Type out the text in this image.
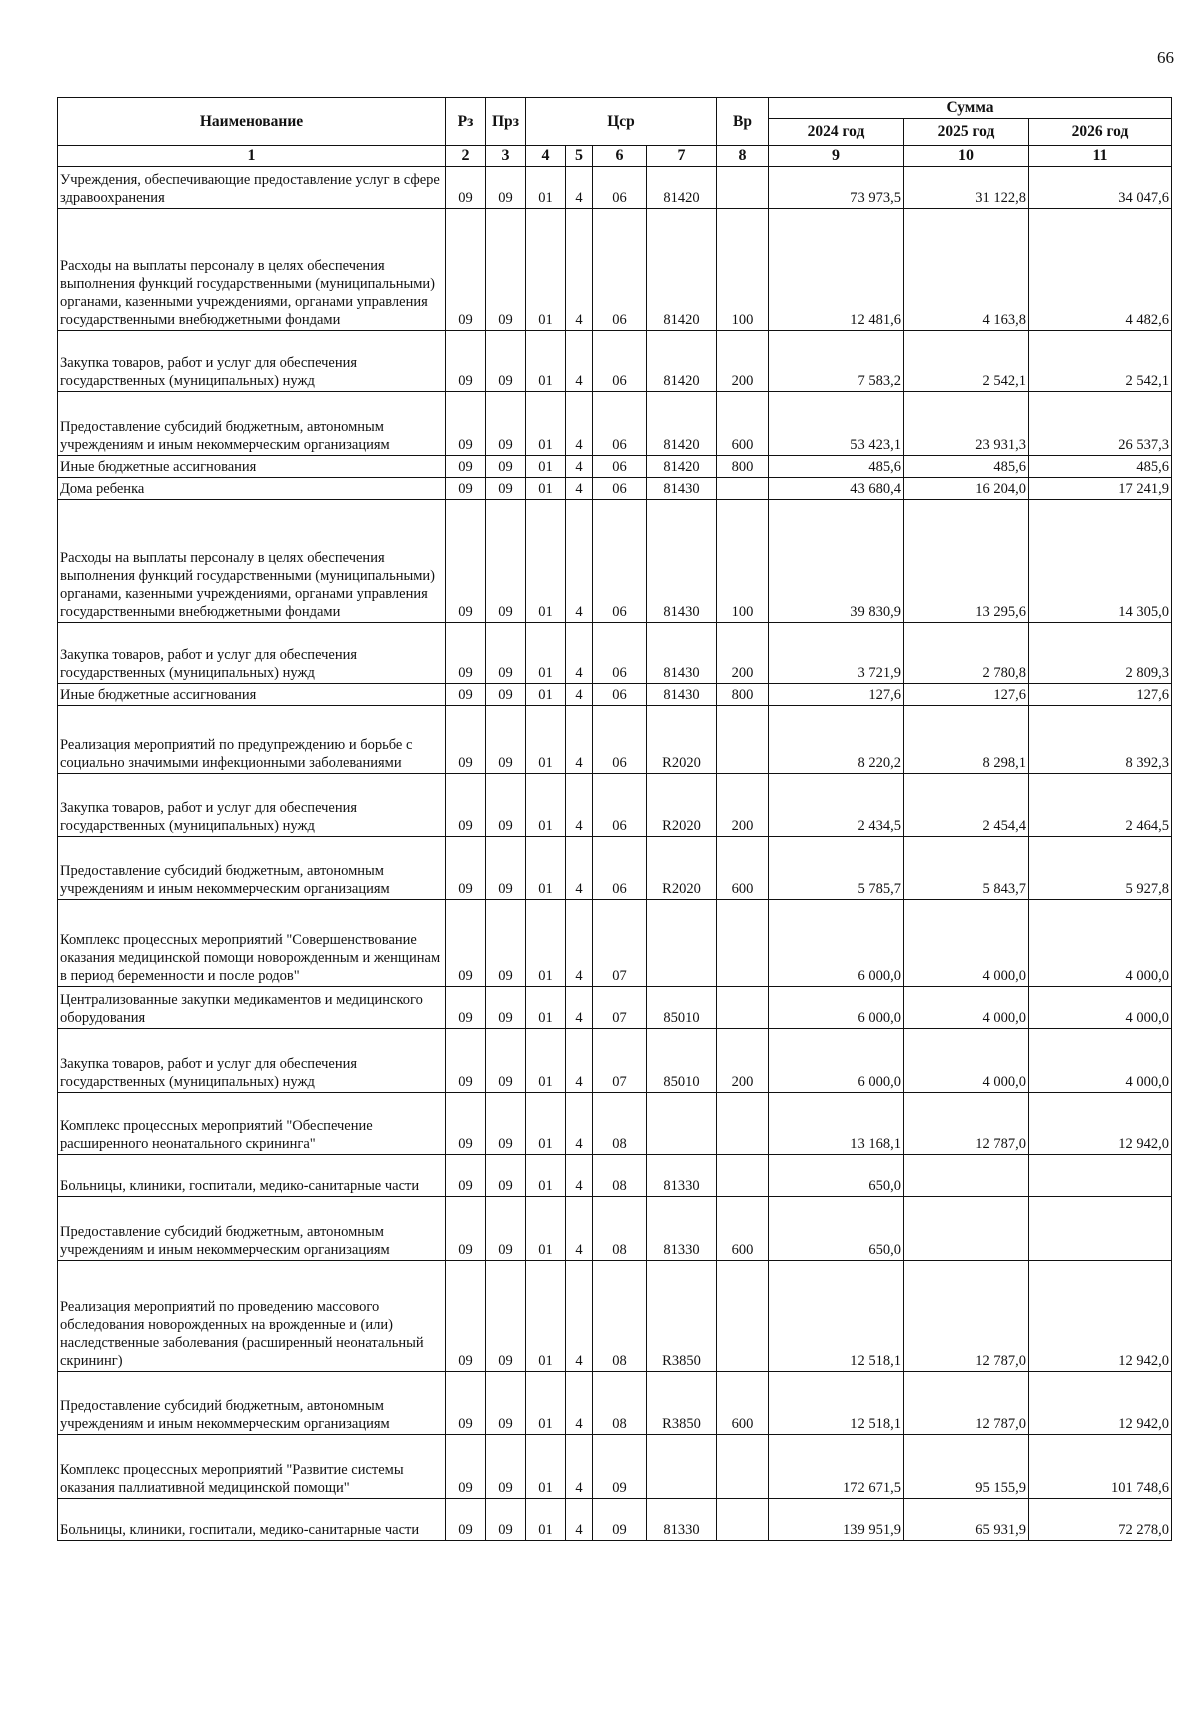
66
Наименование	Рз	Прз	Цср				Вр	Сумма		
								2024 год	2025 год	2026 год
1	2	3	4	5	6	7	8	9	10	11
Учреждения, обеспечивающие предоставление услуг в сфере здравоохранения	09	09	01	4	06	81420		73 973,5	31 122,8	34 047,6
Расходы на выплаты персоналу в целях обеспечения выполнения функций государственными (муниципальными) органами, казенными учреждениями, органами управления государственными внебюджетными фондами	09	09	01	4	06	81420	100	12 481,6	4 163,8	4 482,6
Закупка товаров, работ и услуг для обеспечения государственных (муниципальных) нужд	09	09	01	4	06	81420	200	7 583,2	2 542,1	2 542,1
Предоставление субсидий бюджетным, автономным учреждениям и иным некоммерческим организациям	09	09	01	4	06	81420	600	53 423,1	23 931,3	26 537,3
Иные бюджетные ассигнования	09	09	01	4	06	81420	800	485,6	485,6	485,6
Дома ребенка	09	09	01	4	06	81430		43 680,4	16 204,0	17 241,9
Расходы на выплаты персоналу в целях обеспечения выполнения функций государственными (муниципальными) органами, казенными учреждениями, органами управления государственными внебюджетными фондами	09	09	01	4	06	81430	100	39 830,9	13 295,6	14 305,0
Закупка товаров, работ и услуг для обеспечения государственных (муниципальных) нужд	09	09	01	4	06	81430	200	3 721,9	2 780,8	2 809,3
Иные бюджетные ассигнования	09	09	01	4	06	81430	800	127,6	127,6	127,6
Реализация мероприятий по предупреждению и борьбе с социально значимыми инфекционными заболеваниями	09	09	01	4	06	R2020		8 220,2	8 298,1	8 392,3
Закупка товаров, работ и услуг для обеспечения государственных (муниципальных) нужд	09	09	01	4	06	R2020	200	2 434,5	2 454,4	2 464,5
Предоставление субсидий бюджетным, автономным учреждениям и иным некоммерческим организациям	09	09	01	4	06	R2020	600	5 785,7	5 843,7	5 927,8
Комплекс процессных мероприятий "Совершенствование оказания медицинской помощи новорожденным и женщинам в период беременности и после родов"	09	09	01	4	07			6 000,0	4 000,0	4 000,0
Централизованные закупки медикаментов и медицинского оборудования	09	09	01	4	07	85010		6 000,0	4 000,0	4 000,0
Закупка товаров, работ и услуг для обеспечения государственных (муниципальных) нужд	09	09	01	4	07	85010	200	6 000,0	4 000,0	4 000,0
Комплекс процессных мероприятий "Обеспечение расширенного неонатального скрининга"	09	09	01	4	08			13 168,1	12 787,0	12 942,0
Больницы, клиники, госпитали, медико-санитарные части	09	09	01	4	08	81330		650,0		
Предоставление субсидий бюджетным, автономным учреждениям и иным некоммерческим организациям	09	09	01	4	08	81330	600	650,0		
Реализация мероприятий по проведению массового обследования новорожденных на врожденные и (или) наследственные заболевания (расширенный неонатальный скрининг)	09	09	01	4	08	R3850		12 518,1	12 787,0	12 942,0
Предоставление субсидий бюджетным, автономным учреждениям и иным некоммерческим организациям	09	09	01	4	08	R3850	600	12 518,1	12 787,0	12 942,0
Комплекс процессных мероприятий "Развитие системы оказания паллиативной медицинской помощи"	09	09	01	4	09			172 671,5	95 155,9	101 748,6
Больницы, клиники, госпитали, медико-санитарные части	09	09	01	4	09	81330		139 951,9	65 931,9	72 278,0
